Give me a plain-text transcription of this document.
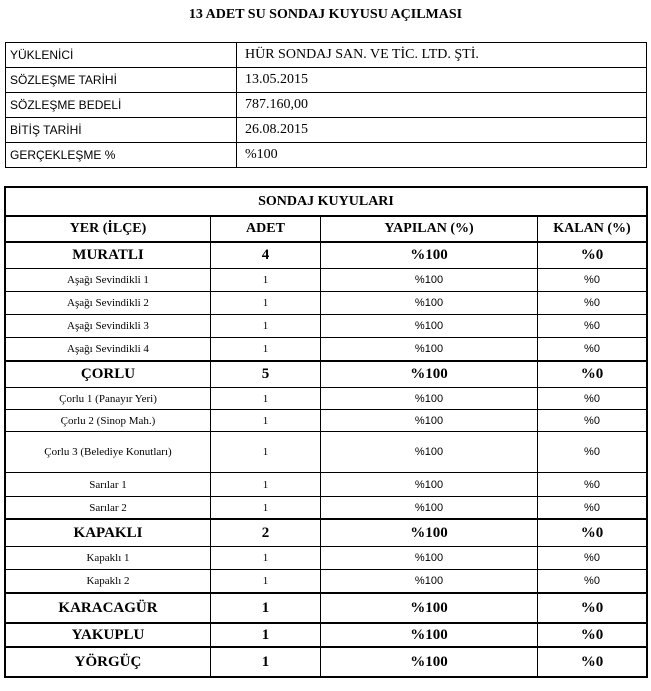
13 ADET SU SONDAJ KUYUSU AÇILMASI
YÜKLENİCİ	HÜR SONDAJ SAN. VE TİC. LTD. ŞTİ.
SÖZLEŞME TARİHİ	13.05.2015
SÖZLEŞME BEDELİ	787.160,00
BİTİŞ TARİHİ	26.08.2015
GERÇEKLEŞME %	%100
SONDAJ KUYULARI			
YER (İLÇE)	ADET	YAPILAN (%)	KALAN (%)
MURATLI	4	%100	%0
Aşağı Sevindikli 1	1	%100	%0
Aşağı Sevindikli 2	1	%100	%0
Aşağı Sevindikli 3	1	%100	%0
Aşağı Sevindikli 4	1	%100	%0
ÇORLU	5	%100	%0
Çorlu 1 (Panayır Yeri)	1	%100	%0
Çorlu 2 (Sinop Mah.)	1	%100	%0
Çorlu 3 (Belediye Konutları)	1	%100	%0
Sarılar 1	1	%100	%0
Sarılar 2	1	%100	%0
KAPAKLI	2	%100	%0
Kapaklı 1	1	%100	%0
Kapaklı 2	1	%100	%0
KARACAGÜR	1	%100	%0
YAKUPLU	1	%100	%0
YÖRGÜÇ	1	%100	%0
